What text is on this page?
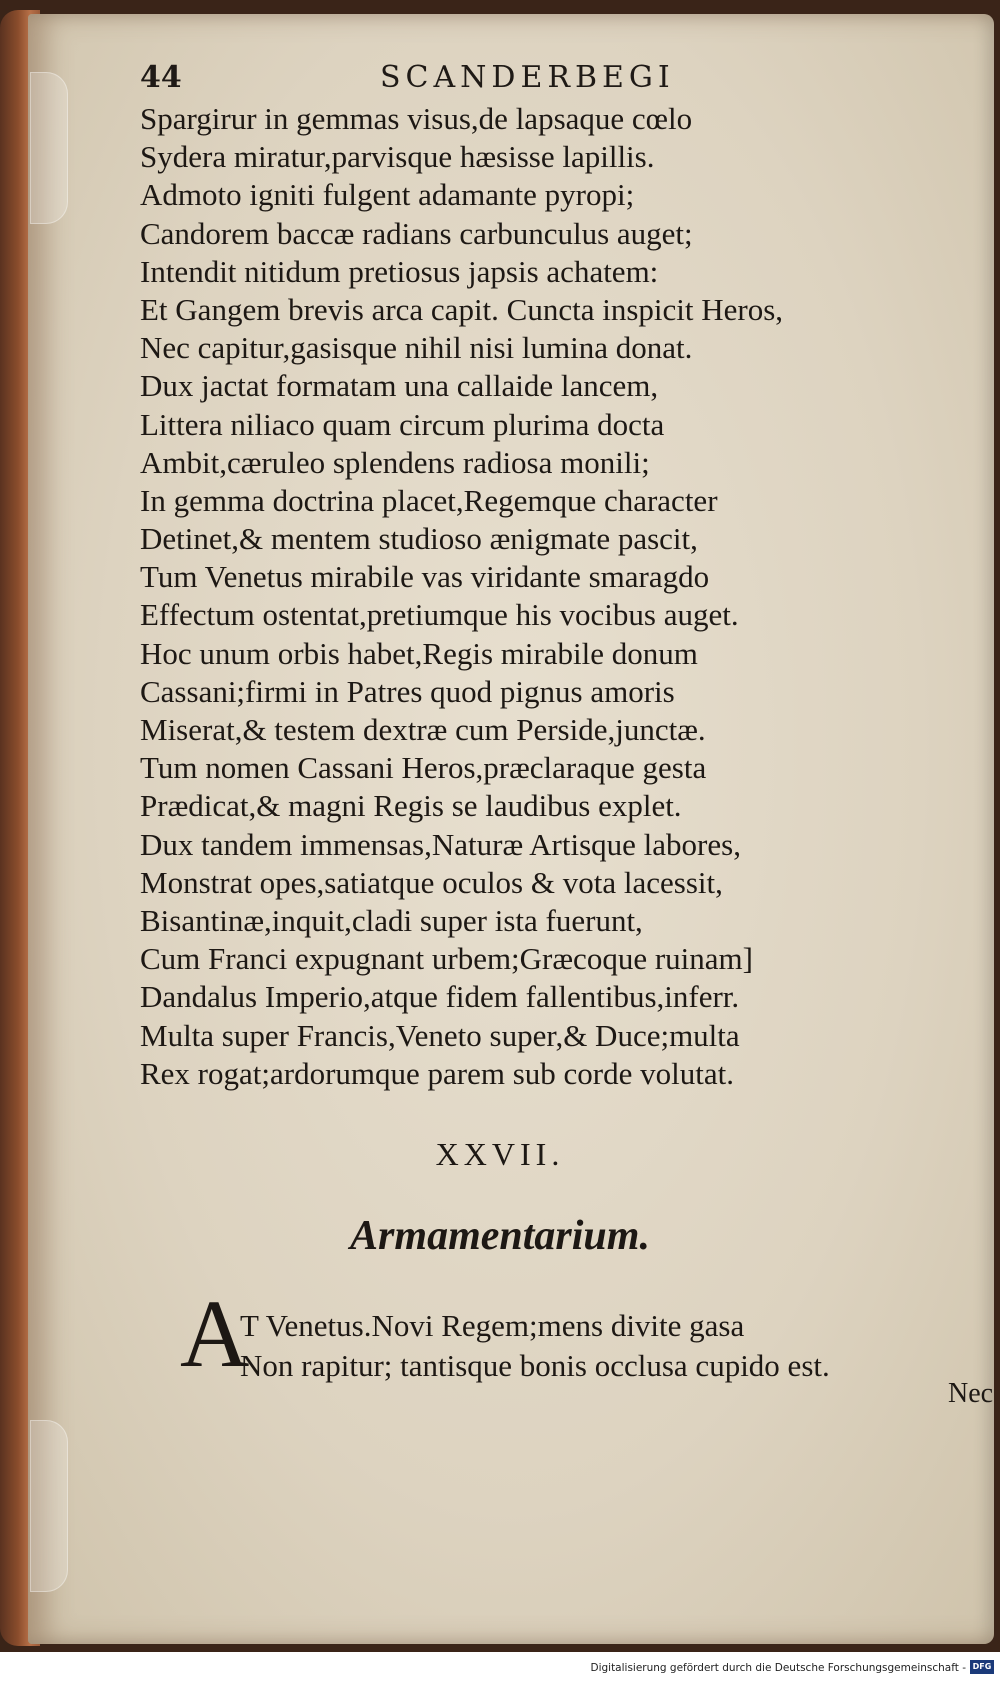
44	SCANDERBEGI
Spargirur in gemmas visus,de lapsaque cœlo
Sydera miratur,parvisque hæsisse lapillis.
Admoto igniti fulgent adamante pyropi;
Candorem baccæ radians carbunculus auget;
Intendit nitidum pretiosus japsis achatem:
Et Gangem brevis arca capit. Cuncta inspicit Heros,
Nec capitur,gasisque nihil nisi lumina donat.
Dux jactat formatam una callaide lancem,
Littera niliaco quam circum plurima docta
Ambit,cæruleo splendens radiosa monili;
In gemma doctrina placet,Regemque character
Detinet,& mentem studioso ænigmate pascit,
Tum Venetus mirabile vas viridante smaragdo
Effectum ostentat,pretiumque his vocibus auget.
Hoc unum orbis habet,Regis mirabile donum
Cassani;firmi in Patres quod pignus amoris
Miserat,& testem dextræ cum Perside,junctæ.
Tum nomen Cassani Heros,præclaraque gesta
Prædicat,& magni Regis se laudibus explet.
Dux tandem immensas,Naturæ Artisque labores,
Monstrat opes,satiatque oculos & vota lacessit,
Bisantinæ,inquit,cladi super ista fuerunt,
Cum Franci expugnant urbem;Græcoque ruinam]
Dandalus Imperio,atque fidem fallentibus,inferr.
Multa super Francis,Veneto super,& Duce;multa
Rex rogat;ardorumque parem sub corde volutat.
XXVII.
Armamentarium.
A
T Venetus.Novi Regem;mens divite gasa
Non rapitur; tantisque bonis occlusa cupido est.
Nec
Digitalisierung gefördert durch die Deutsche Forschungsgemeinschaft - DFG
